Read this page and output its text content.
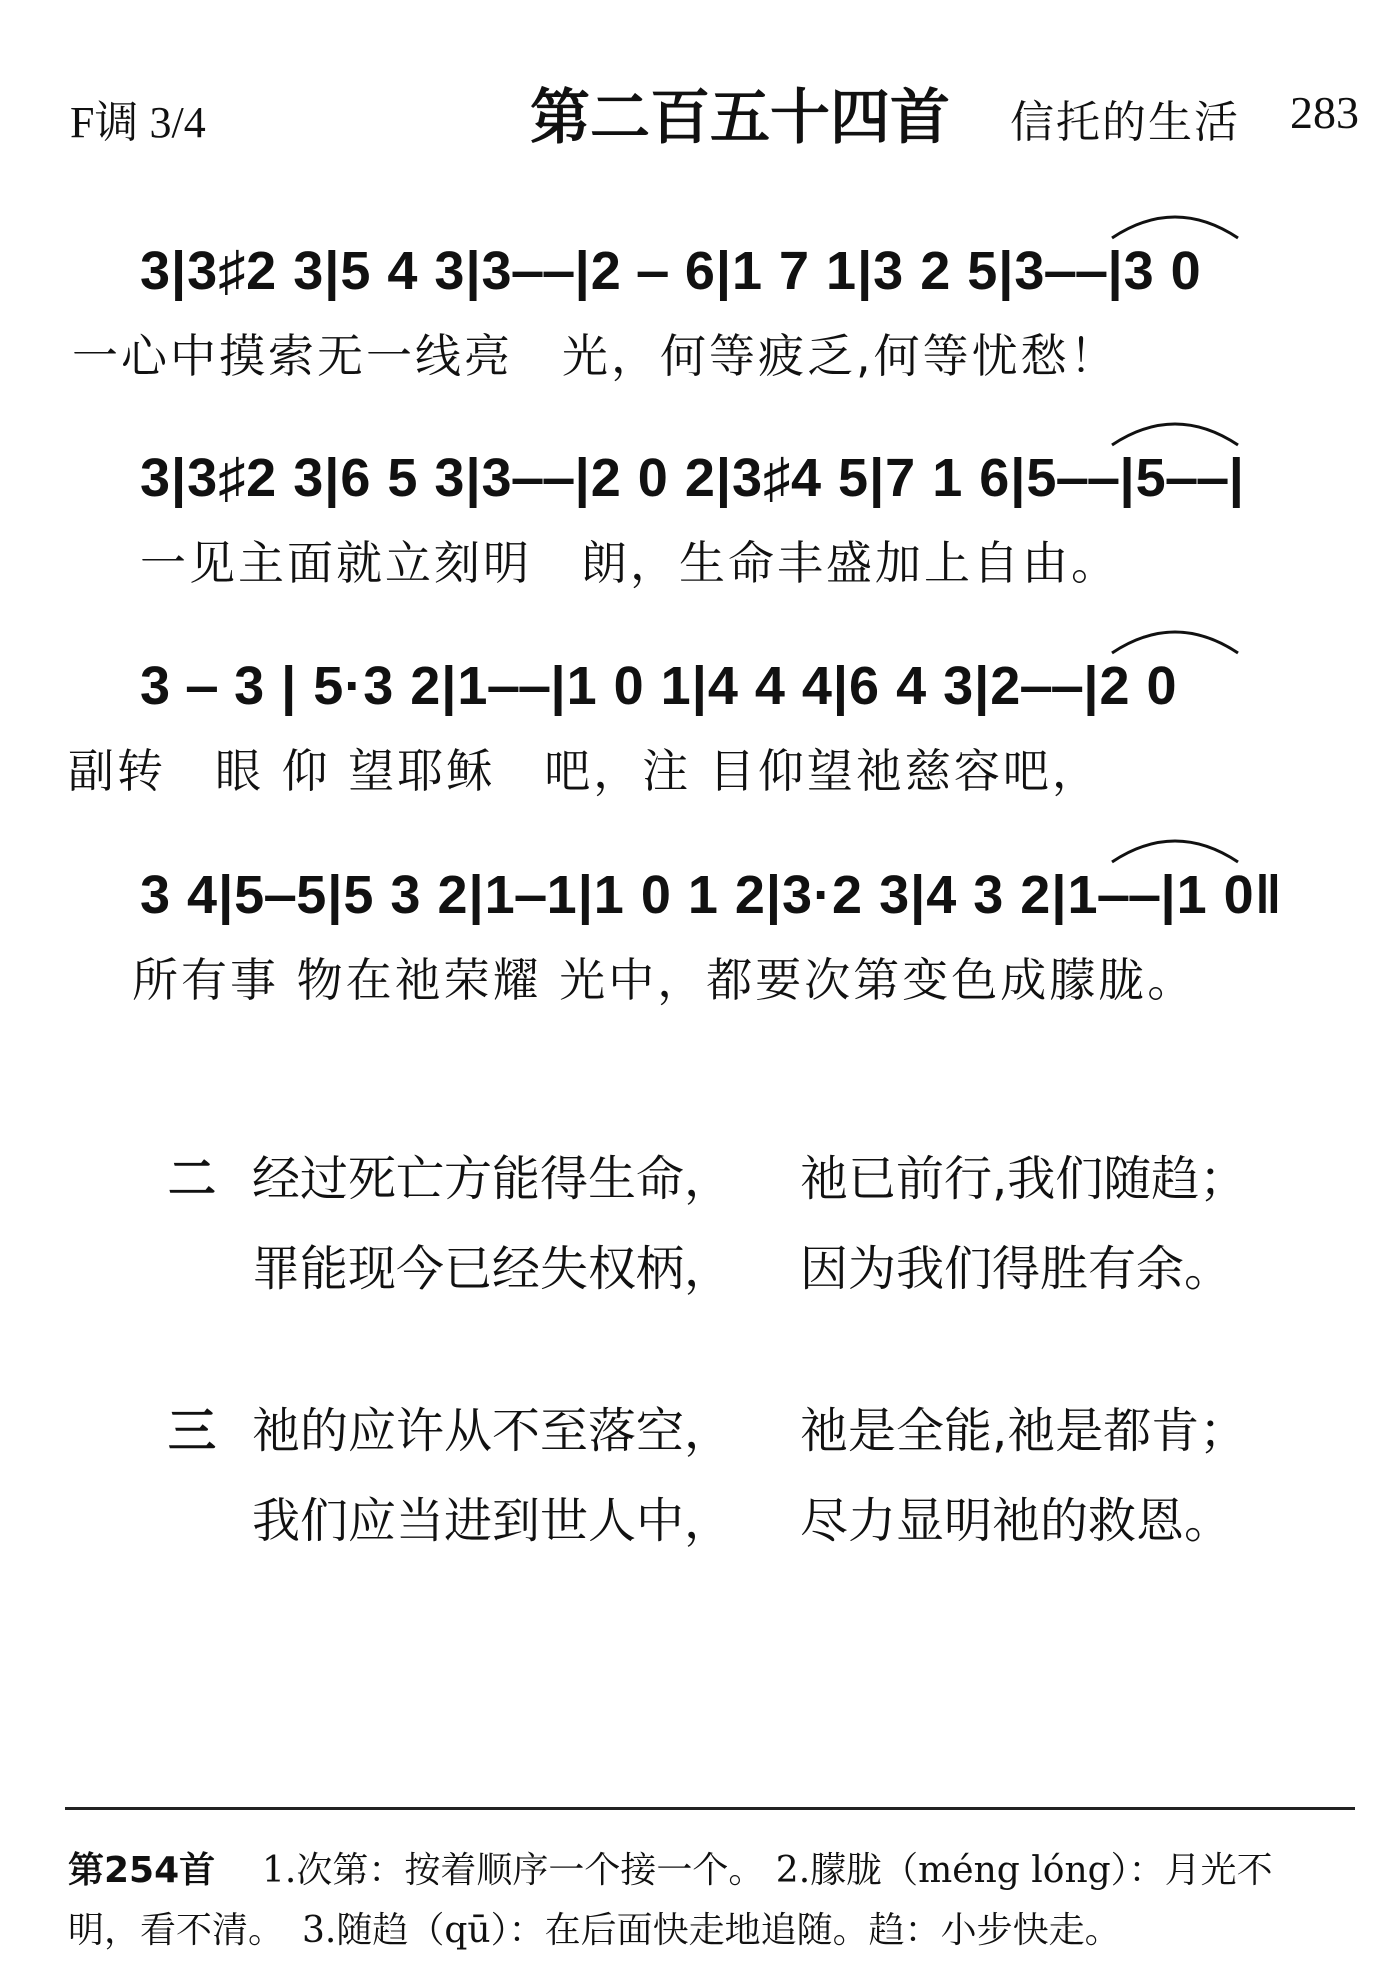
F调 3/4	第二百五十四首 信托的生活 283
3|3♯2 3|5 4 3|3‒‒|2 ‒ 6|1 7 1|3 2 5|3‒‒|3 0
一心中摸索无一线亮　光，何等疲乏,何等忧愁！
3|3♯2 3|6 5 3|3‒‒|2 0 2|3♯4 5|7 1 6|5‒‒|5‒‒|
一见主面就立刻明　朗，生命丰盛加上自由。
3 ‒ 3 | 5·3 2|1‒‒|1 0 1|4 4 4|6 4 3|2‒‒|2 0
副转　眼 仰 望耶稣　吧，注 目仰望祂慈容吧，
3 4|5‒5|5 3 2|1‒1|1 0 1 2|3·2 3|4 3 2|1‒‒|1 0‖
所有事 物在祂荣耀 光中，都要次第变色成朦胧。
二 经过死亡方能得生命， 祂已前行,我们随趋；
罪能现今已经失权柄， 因为我们得胜有余。
三 祂的应许从不至落空， 祂是全能,祂是都肯；
我们应当进到世人中， 尽力显明祂的救恩。
第254首 1.次第：按着顺序一个接一个。 2.朦胧（méng lóng）：月光不
明，看不清。　3.随趋（qū）：在后面快走地追随。趋：小步快走。
